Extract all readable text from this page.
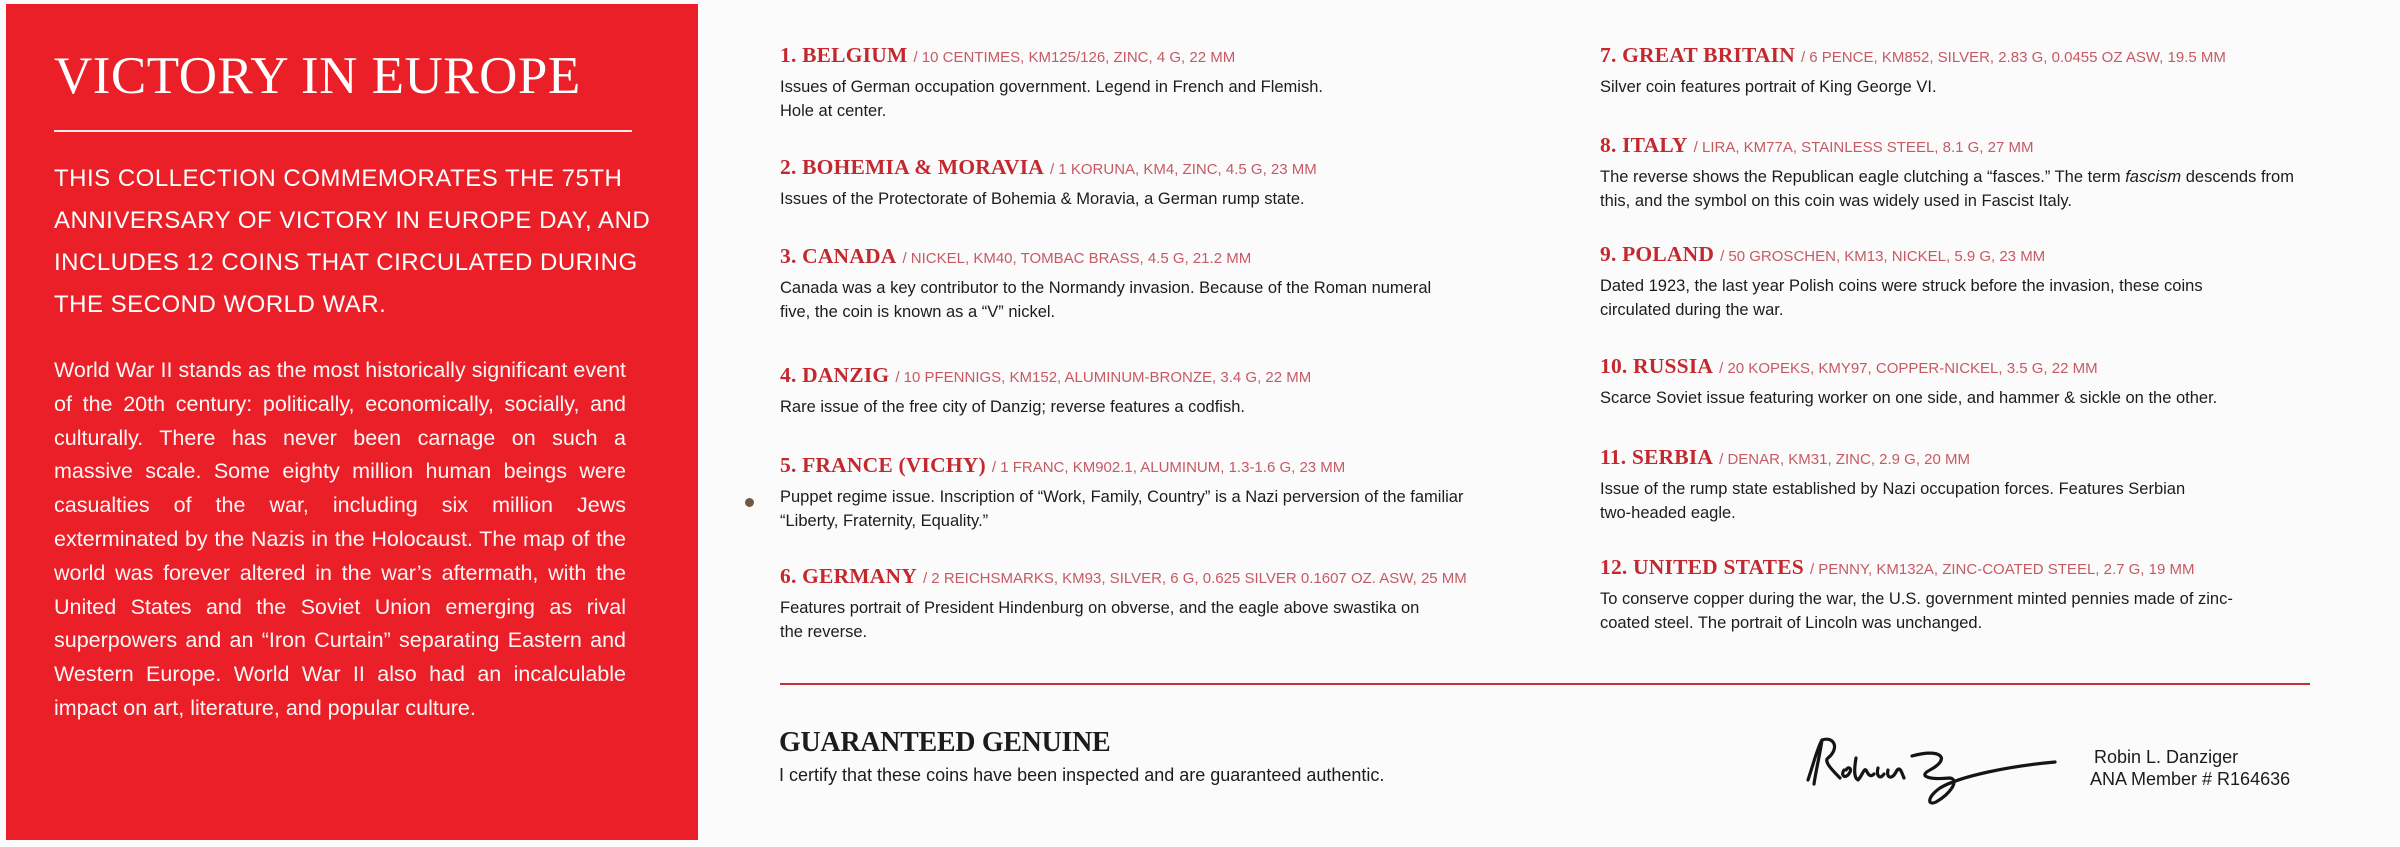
VICTORY IN EUROPE

THIS COLLECTION COMMEMORATES THE 75TH ANNIVERSARY OF VICTORY IN EUROPE DAY, AND INCLUDES 12 COINS THAT CIRCULATED DURING THE SECOND WORLD WAR.

World War II stands as the most historically significant event of the 20th century: politically, economically, socially, and culturally. There has never been carnage on such a massive scale. Some eighty million human beings were casualties of the war, including six million Jews exterminated by the Nazis in the Holocaust. The map of the world was forever altered in the war’s aftermath, with the United States and the Soviet Union emerging as rival superpowers and an “Iron Curtain” separating Eastern and Western Europe. World War II also had an incalculable impact on art, literature, and popular culture.

1. BELGIUM / 10 CENTIMES, KM125/126, ZINC, 4 G, 22 MM
Issues of German occupation government. Legend in French and Flemish. Hole at center.
2. BOHEMIA & MORAVIA / 1 KORUNA, KM4, ZINC, 4.5 G, 23 MM
Issues of the Protectorate of Bohemia & Moravia, a German rump state.
3. CANADA / NICKEL, KM40, TOMBAC BRASS, 4.5 G, 21.2 MM
Canada was a key contributor to the Normandy invasion. Because of the Roman numeral five, the coin is known as a “V” nickel.
4. DANZIG / 10 PFENNIGS, KM152, ALUMINUM-BRONZE, 3.4 G, 22 MM
Rare issue of the free city of Danzig; reverse features a codfish.
5. FRANCE (VICHY) / 1 FRANC, KM902.1, ALUMINUM, 1.3-1.6 G, 23 MM
Puppet regime issue. Inscription of “Work, Family, Country” is a Nazi perversion of the familiar “Liberty, Fraternity, Equality.”
6. GERMANY / 2 REICHSMARKS, KM93, SILVER, 6 G, 0.625 SILVER 0.1607 OZ. ASW, 25 MM
Features portrait of President Hindenburg on obverse, and the eagle above swastika on the reverse.
7. GREAT BRITAIN / 6 PENCE, KM852, SILVER, 2.83 G, 0.0455 OZ ASW, 19.5 MM
Silver coin features portrait of King George VI.
8. ITALY / LIRA, KM77A, STAINLESS STEEL, 8.1 G, 27 MM
The reverse shows the Republican eagle clutching a “fasces.” The term fascism descends from this, and the symbol on this coin was widely used in Fascist Italy.
9. POLAND / 50 GROSCHEN, KM13, NICKEL, 5.9 G, 23 MM
Dated 1923, the last year Polish coins were struck before the invasion, these coins circulated during the war.
10. RUSSIA / 20 KOPEKS, KMY97, COPPER-NICKEL, 3.5 G, 22 MM
Scarce Soviet issue featuring worker on one side, and hammer & sickle on the other.
11. SERBIA / DENAR, KM31, ZINC, 2.9 G, 20 MM
Issue of the rump state established by Nazi occupation forces. Features Serbian two-headed eagle.
12. UNITED STATES / PENNY, KM132A, ZINC-COATED STEEL, 2.7 G, 19 MM
To conserve copper during the war, the U.S. government minted pennies made of zinc-coated steel. The portrait of Lincoln was unchanged.
GUARANTEED GENUINE
I certify that these coins have been inspected and are guaranteed authentic.
Robin L. Danziger
ANA Member # R164636
